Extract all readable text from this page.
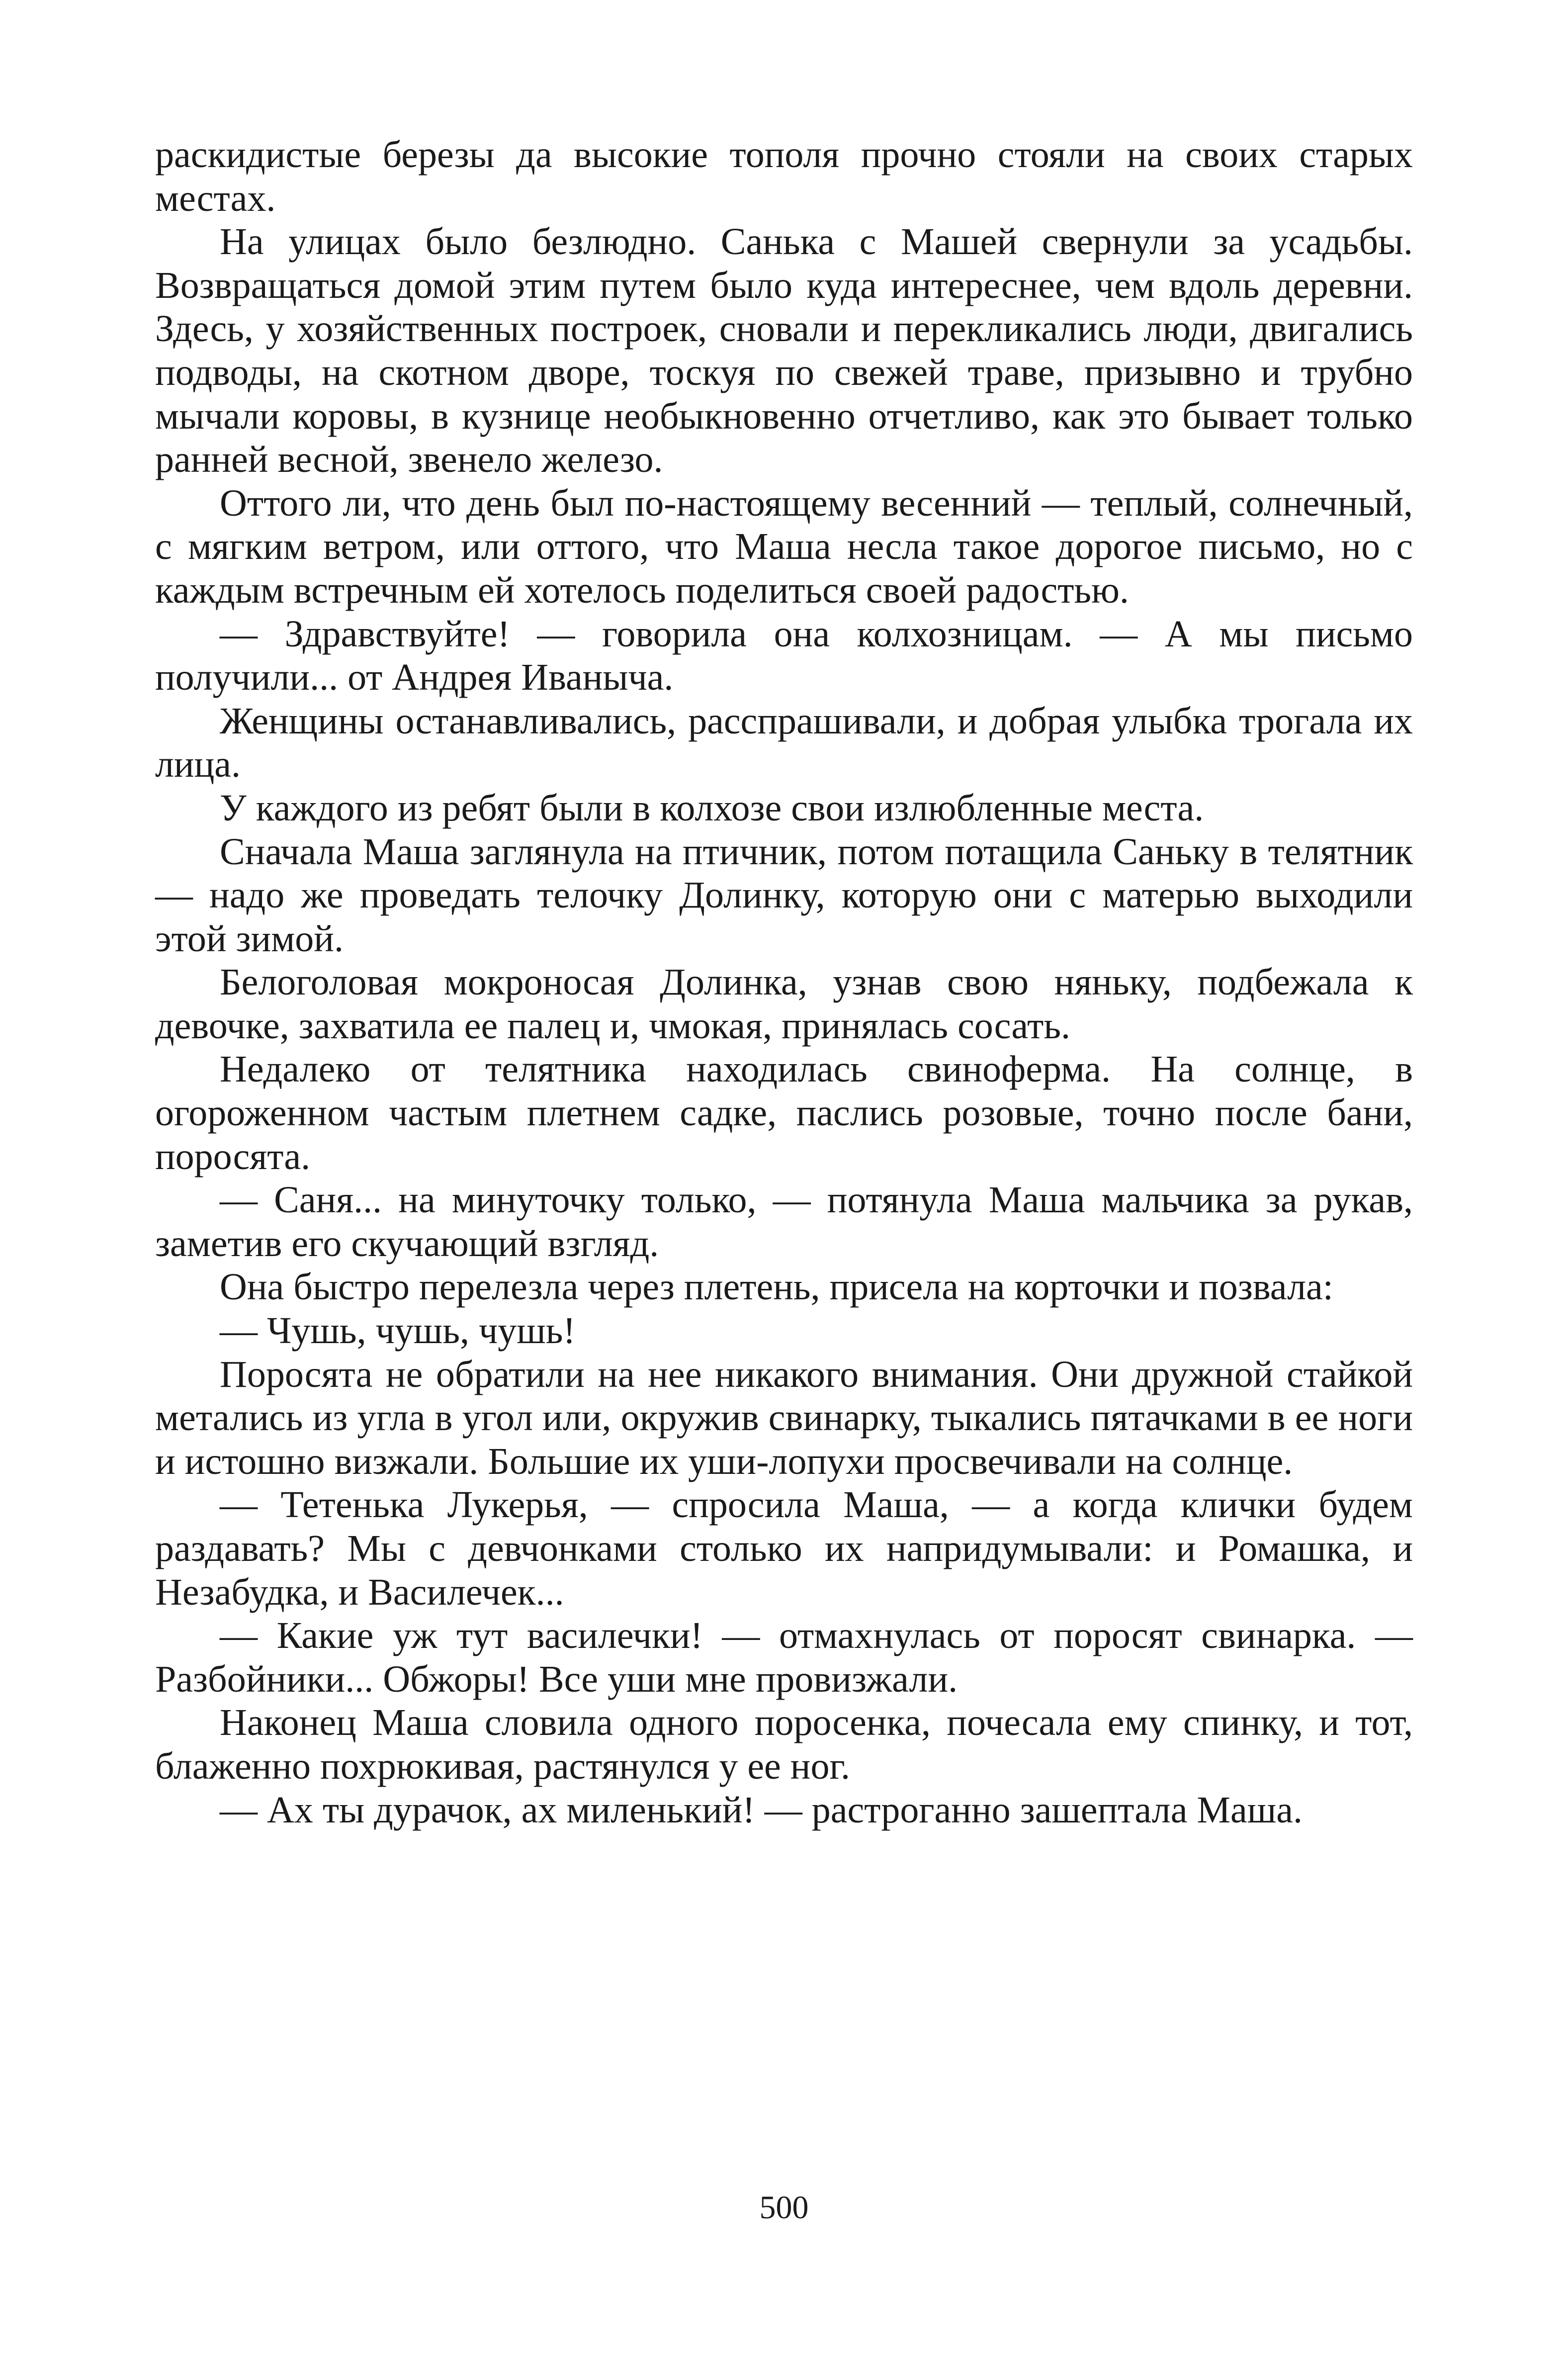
раскидистые березы да высокие тополя прочно стояли на своих старых местах.

На улицах было безлюдно. Санька с Машей свернули за усадьбы. Возвращаться домой этим путем было куда интереснее, чем вдоль деревни. Здесь, у хозяйственных построек, сновали и перекликались люди, двигались подводы, на скотном дворе, тоскуя по свежей траве, призывно и трубно мычали коровы, в кузнице необыкновенно отчетливо, как это бывает только ранней весной, звенело железо.

Оттого ли, что день был по-настоящему весенний — теплый, солнечный, с мягким ветром, или оттого, что Маша несла такое дорогое письмо, но с каждым встречным ей хотелось поделиться своей радостью.

— Здравствуйте! — говорила она колхозницам. — А мы письмо получили... от Андрея Иваныча.

Женщины останавливались, расспрашивали, и добрая улыбка трогала их лица.

У каждого из ребят были в колхозе свои излюбленные места.

Сначала Маша заглянула на птичник, потом потащила Саньку в телятник — надо же проведать телочку Долинку, которую они с матерью выходили этой зимой.

Белоголовая мокроносая Долинка, узнав свою няньку, подбежала к девочке, захватила ее палец и, чмокая, принялась сосать.

Недалеко от телятника находилась свиноферма. На солнце, в огороженном частым плетнем садке, паслись розовые, точно после бани, поросята.

— Саня... на минуточку только, — потянула Маша мальчика за рукав, заметив его скучающий взгляд.

Она быстро перелезла через плетень, присела на корточки и позвала:

— Чушь, чушь, чушь!

Поросята не обратили на нее никакого внимания. Они дружной стайкой метались из угла в угол или, окружив свинарку, тыкались пятачками в ее ноги и истошно визжали. Большие их уши-лопухи просвечивали на солнце.

— Тетенька Лукерья, — спросила Маша, — а когда клички будем раздавать? Мы с девчонками столько их напридумывали: и Ромашка, и Незабудка, и Василечек...

— Какие уж тут василечки! — отмахнулась от поросят свинарка. — Разбойники... Обжоры! Все уши мне провизжали.

Наконец Маша словила одного поросенка, почесала ему спинку, и тот, блаженно похрюкивая, растянулся у ее ног.

— Ах ты дурачок, ах миленький! — растроганно зашептала Маша.

500
